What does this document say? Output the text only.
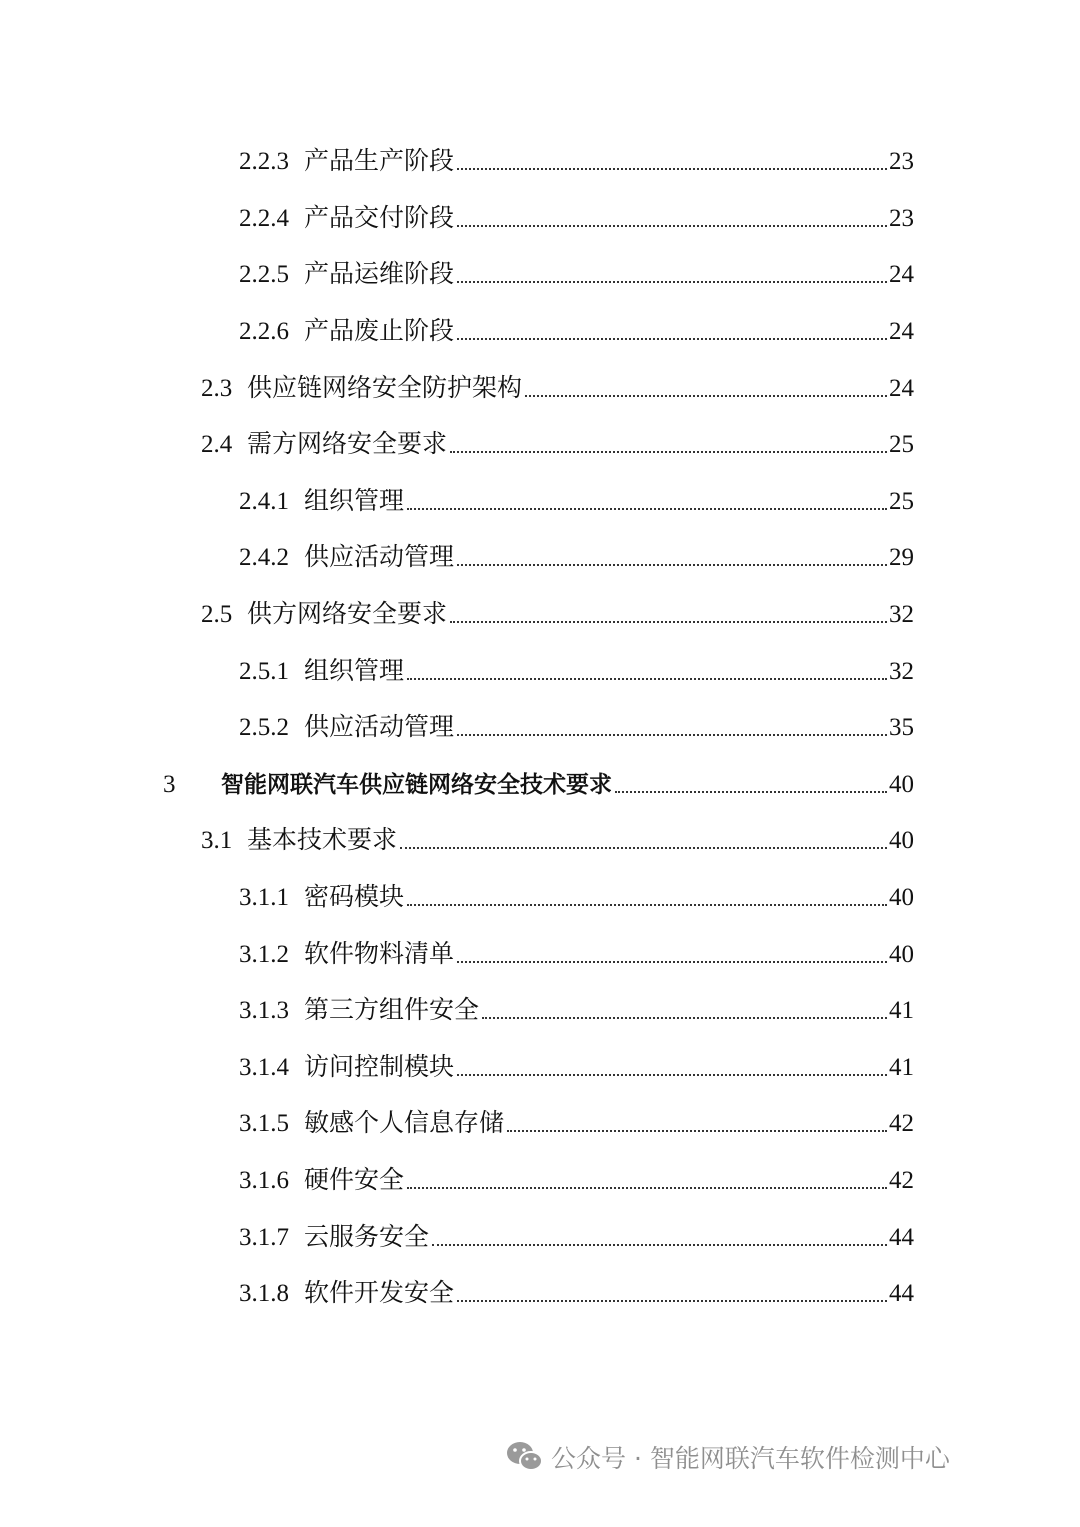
2.2.3 产品生产阶段	23
2.2.4 产品交付阶段	23
2.2.5 产品运维阶段	24
2.2.6 产品废止阶段	24
2.3 供应链网络安全防护架构	24
2.4 需方网络安全要求	25
2.4.1 组织管理	25
2.4.2 供应活动管理	29
2.5 供方网络安全要求	32
2.5.1 组织管理	32
2.5.2 供应活动管理	35
3	智能网联汽车供应链网络安全技术要求	40
3.1 基本技术要求	40
3.1.1 密码模块	40
3.1.2 软件物料清单	40
3.1.3 第三方组件安全	41
3.1.4 访问控制模块	41
3.1.5 敏感个人信息存储	42
3.1.6 硬件安全	42
3.1.7 云服务安全	44
3.1.8 软件开发安全	44
公众号 · 智能网联汽车软件检测中心
